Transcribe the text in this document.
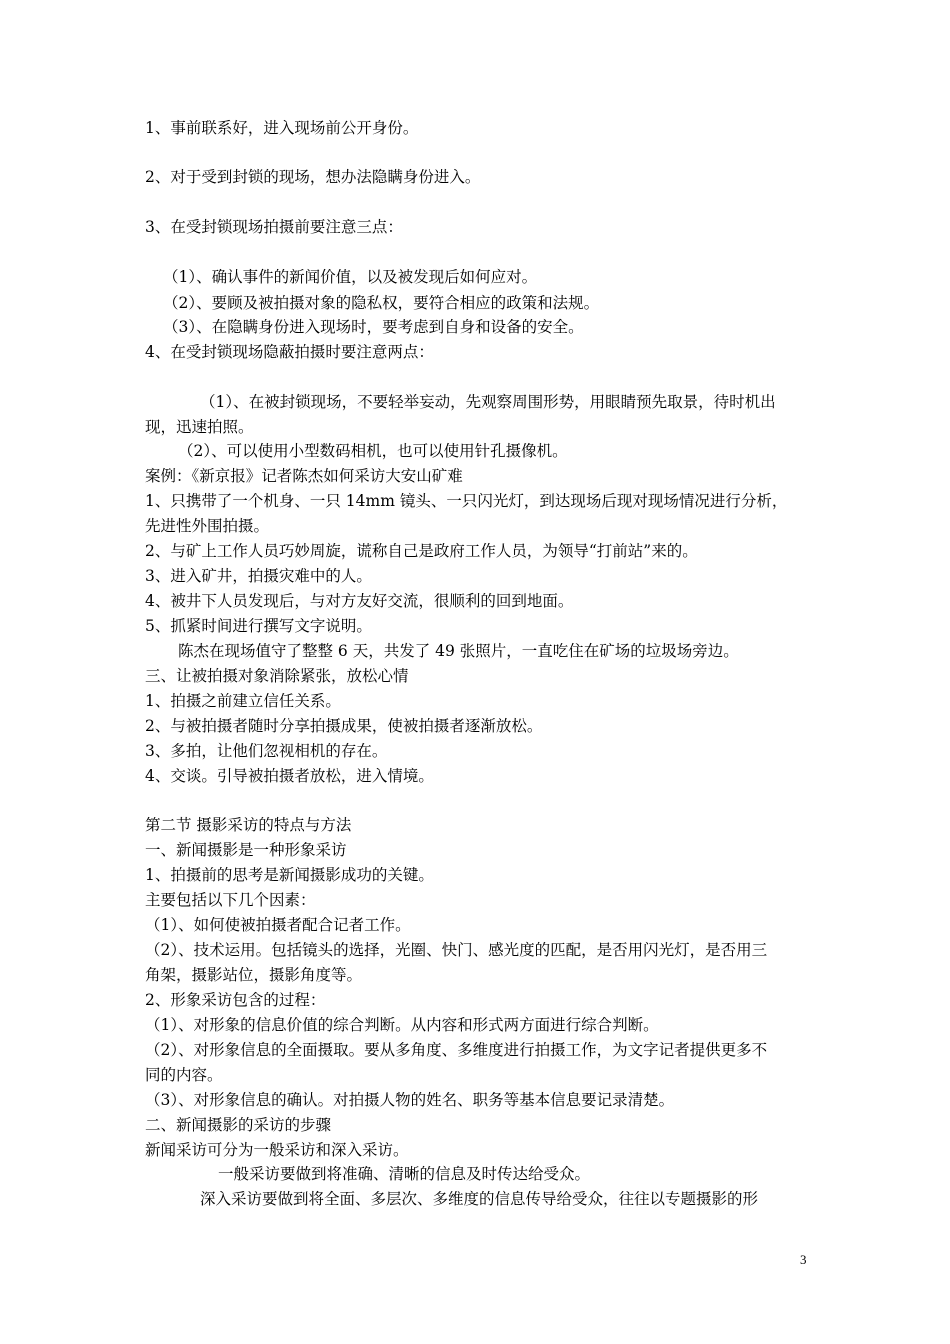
1、事前联系好，进入现场前公开身份。
2、对于受到封锁的现场，想办法隐瞒身份进入。
3、在受封锁现场拍摄前要注意三点：
（1）、确认事件的新闻价值，以及被发现后如何应对。
（2）、要顾及被拍摄对象的隐私权，要符合相应的政策和法规。
（3）、在隐瞒身份进入现场时，要考虑到自身和设备的安全。
4、在受封锁现场隐蔽拍摄时要注意两点：
（1）、在被封锁现场，不要轻举妄动，先观察周围形势，用眼睛预先取景，待时机出
现，迅速拍照。
（2）、可以使用小型数码相机，也可以使用针孔摄像机。
案例：《新京报》记者陈杰如何采访大安山矿难
1、只携带了一个机身、一只 14mm 镜头、一只闪光灯，到达现场后现对现场情况进行分析，
先进性外围拍摄。
2、与矿上工作人员巧妙周旋，谎称自己是政府工作人员，为领导“打前站”来的。
3、进入矿井，拍摄灾难中的人。
4、被井下人员发现后，与对方友好交流，很顺利的回到地面。
5、抓紧时间进行撰写文字说明。
陈杰在现场值守了整整 6 天，共发了 49 张照片，一直吃住在矿场的垃圾场旁边。
三、让被拍摄对象消除紧张，放松心情
1、拍摄之前建立信任关系。
2、与被拍摄者随时分享拍摄成果，使被拍摄者逐渐放松。
3、多拍，让他们忽视相机的存在。
4、交谈。引导被拍摄者放松，进入情境。
第二节 摄影采访的特点与方法
一、新闻摄影是一种形象采访
1、拍摄前的思考是新闻摄影成功的关键。
主要包括以下几个因素：
（1）、如何使被拍摄者配合记者工作。
（2）、技术运用。包括镜头的选择，光圈、快门、感光度的匹配，是否用闪光灯，是否用三
角架，摄影站位，摄影角度等。
2、形象采访包含的过程：
（1）、对形象的信息价值的综合判断。从内容和形式两方面进行综合判断。
（2）、对形象信息的全面摄取。要从多角度、多维度进行拍摄工作，为文字记者提供更多不
同的内容。
（3）、对形象信息的确认。对拍摄人物的姓名、职务等基本信息要记录清楚。
二、新闻摄影的采访的步骤
新闻采访可分为一般采访和深入采访。
一般采访要做到将准确、清晰的信息及时传达给受众。
深入采访要做到将全面、多层次、多维度的信息传导给受众，往往以专题摄影的形
3
